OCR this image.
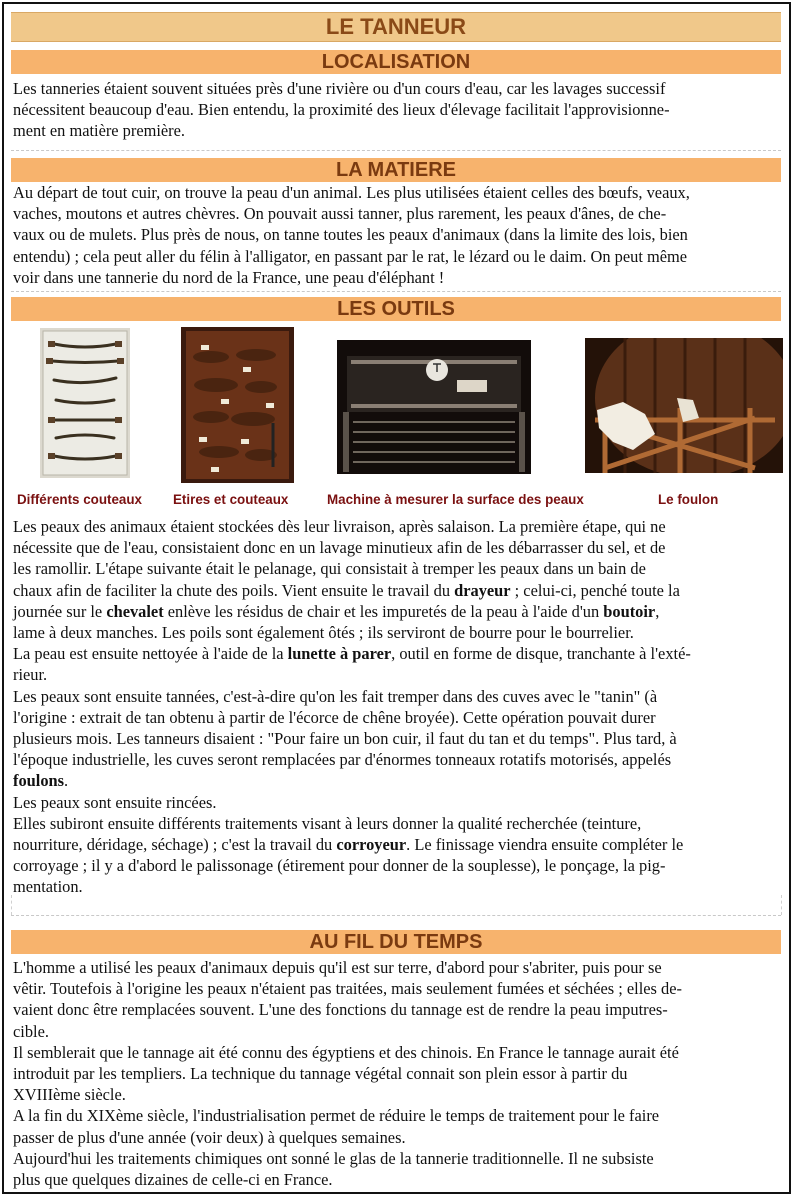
LE TANNEUR
LOCALISATION

Les tanneries étaient souvent situées près d'une rivière ou d'un cours d'eau, car les lavages successif

nécessitent beaucoup d'eau. Bien entendu, la proximité des lieux d'élevage facilitait l'approvisionne-

ment en matière première.

LA MATIERE

Au départ de tout cuir, on trouve la peau d'un animal. Les plus utilisées étaient celles des bœufs, veaux,

vaches, moutons et autres chèvres. On pouvait aussi tanner, plus rarement, les peaux d'ânes, de che-

vaux ou de mulets. Plus près de nous, on tanne toutes les peaux d'animaux (dans la limite des lois, bien

entendu) ; cela peut aller du félin à l'alligator, en passant par le rat, le lézard ou le daim. On peut même

voir dans une tannerie du nord de la France, une peau d'éléphant !

LES OUTILS
Différents couteaux Etires et couteaux	Machine à mesurer la surface des peaux	Le foulon

Les peaux des animaux étaient stockées dès leur livraison, après salaison. La première étape, qui ne

nécessite que de l'eau, consistaient donc en un lavage minutieux afin de les débarrasser du sel, et de

les ramollir. L'étape suivante était le pelanage, qui consistait à tremper les peaux dans un bain de

chaux afin de faciliter la chute des poils. Vient ensuite le travail du drayeur ; celui-ci, penché toute la

journée sur le chevalet enlève les résidus de chair et les impuretés de la peau à l'aide d'un boutoir,

lame à deux manches. Les poils sont également ôtés ; ils serviront de bourre pour le bourrelier.

La peau est ensuite nettoyée à l'aide de la lunette à parer, outil en forme de disque, tranchante à l'exté-

rieur.

Les peaux sont ensuite tannées, c'est-à-dire qu'on les fait tremper dans des cuves avec le "tanin" (à

l'origine : extrait de tan obtenu à partir de l'écorce de chêne broyée). Cette opération pouvait durer

plusieurs mois. Les tanneurs disaient : "Pour faire un bon cuir, il faut du tan et du temps". Plus tard, à

l'époque industrielle, les cuves seront remplacées par d'énormes tonneaux rotatifs motorisés, appelés

foulons.

Les peaux sont ensuite rincées.

Elles subiront ensuite différents traitements visant à leurs donner la qualité recherchée (teinture,

nourriture, déridage, séchage) ; c'est la travail du corroyeur. Le finissage viendra ensuite compléter le

corroyage ; il y a d'abord le palissonage (étirement pour donner de la souplesse), le ponçage, la pig-

mentation.

AU FIL DU TEMPS

L'homme a utilisé les peaux d'animaux depuis qu'il est sur terre, d'abord pour s'abriter, puis pour se

vêtir. Toutefois à l'origine les peaux n'étaient pas traitées, mais seulement fumées et séchées ; elles de-

vaient donc être remplacées souvent. L'une des fonctions du tannage est de rendre la peau imputres-

cible.

Il semblerait que le tannage ait été connu des égyptiens et des chinois. En France le tannage aurait été

introduit par les templiers. La technique du tannage végétal connait son plein essor à partir du

XVIIIème siècle.

A la fin du XIXème siècle, l'industrialisation permet de réduire le temps de traitement pour le faire

passer de plus d'une année (voir deux) à quelques semaines.

Aujourd'hui les traitements chimiques ont sonné le glas de la tannerie traditionnelle. Il ne subsiste

plus que quelques dizaines de celle-ci en France.
